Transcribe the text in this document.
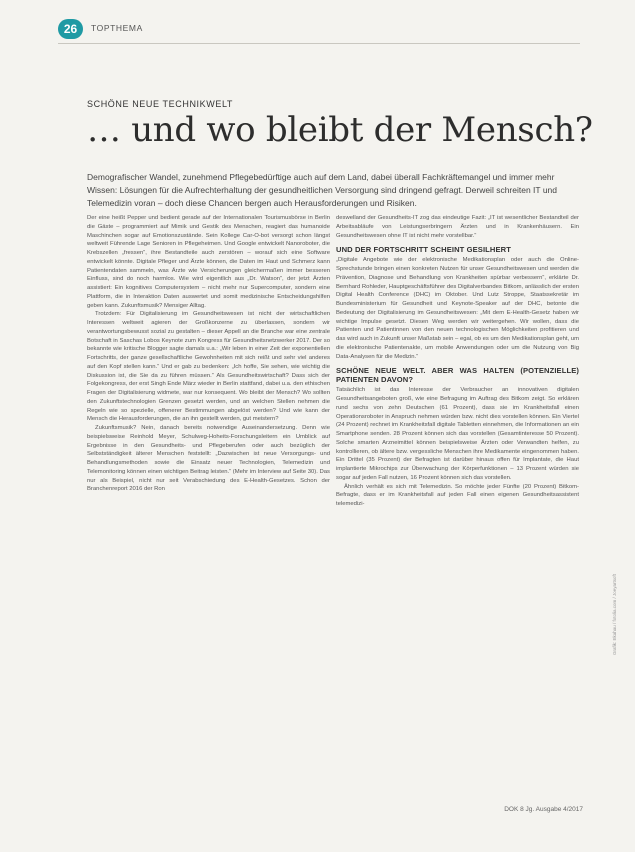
26	TOPTHEMA
SCHÖNE NEUE TECHNIKWELT
… und wo bleibt der Mensch?

Demografischer Wandel, zunehmend Pflegebedürftige auch auf dem Land, dabei überall Fachkräftemangel und immer mehr Wissen: Lösungen für die Aufrechterhaltung der gesundheitlichen Versorgung sind dringend gefragt. Derweil schreiten IT und Telemedizin voran – doch diese Chancen bergen auch Herausforderungen und Risiken.

Der eine heißt Pepper und bedient gerade auf der Internationalen Tourismusbörse in Berlin die Gäste – programmiert auf Mimik und Gestik des Menschen, reagiert das humanoide Maschinchen sogar auf Emotionszustände. Sein Kollege Car-O-bot versorgt schon längst weltweit Führende Lage Senioren in Pflegeheimen. Und Google entwickelt Nanoroboter, die Krebszellen „fressen“, ihre Bestandteile auch zerstören – worauf sich eine Software entwickelt könnte. Digitale Pfleger und Ärzte können, die Daten im Haut und Schmerz kann Patientendaten sammeln, was Ärzte wie Versicherungen gleichermaßen immer besseren Einfluss, sind do noch harmlos. Wie wird eigentlich aus „Dr. Watson“, der jetzt Ärzten assistiert: Ein kognitives Computersystem – nicht mehr nur Supercomputer, sondern eine Plattform, die in Interaktion Daten auswertet und somit medizinische Entscheidungshilfen geben kann. Zukunftsmusik? Mensiger Alltag.

Trotzdem: Für Digitalisierung im Gesundheitswesen ist nicht der wirtschaftlichen Interessen weltweit agieren der Großkonzerne zu überlassen, sondern wir verantwortungsbewusst sozial zu gestalten – dieser Appell an die Branche war eine zentrale Botschaft in Saschas Lobos Keynote zum Kongress für Gesundheitsnetzwerker 2017. Der so bekannte wie kritische Blogger sagte damals u.a.: „Wir leben in einer Zeit der exponentiellen Fortschritts, der ganze gesellschaftliche Gewohnheiten mit sich reißt und sehr viel anderes auf den Kopf stellen kann.“ Und er gab zu bedenken: „Ich hoffe, Sie sehen, wie wichtig die Diskussion ist, die Sie da zu führen müssen.“ Als Gesundheitswirtschaft? Dass sich der Folgekongress, der erst Singh Ende März wieder in Berlin stattfand, dabei u.a. den ethischen Fragen der Digitalisierung widmete, war nur konsequent. Wo bleibt der Mensch? Wo sollten den Zukunftstechnologien Grenzen gesetzt werden, und an welchen Stellen nehmen die Regeln wie so spezielle, offenerer Bestimmungen abgelöst werden? Und wie kann der Mensch die Herausforderungen, die an ihn gestellt werden, gut meistern?

Zukunftsmusik? Nein, danach bereits notwendige Auseinandersetzung. Denn wie beispielsweise Reinhold Meyer, Schulweg-Hoheits-Forschungsleitern ein Umblick auf Ergebnisse in den Gesundheits- und Pflegeberufen oder auch bezüglich der Selbstständigkeit älterer Menschen feststellt: „Dazwischen ist neue Versorgungs- und Behandlungsmethoden sowie die Einsatz neuer Technologien, Telemedizin und Telemonitoring können einen wichtigen Beitrag leisten.“ (Mehr im Interview auf Seite 30). Das nur als Beispiel, nicht nur seit Verabschiedung des E-Health-Gesetzes. Schon der Branchenreport 2016 der Ron

deswelland der Gesundheits-IT zog das eindeutige Fazit: „IT ist wesentlicher Bestandteil der Arbeitsabläufe von Leistungserbringern Ärzten und in Krankenhäusern. Ein Gesundheitswesen ohne IT ist nicht mehr vorstellbar.“

UND DER FORTSCHRITT SCHEINT GESILHERT

„Digitale Angebote wie der elektronische Medikationsplan oder auch die Online-Sprechstunde bringen einen konkreten Nutzen für unser Gesundheitswesen und werden die Prävention, Diagnose und Behandlung von Krankheiten spürbar verbessern“, erklärte Dr. Bernhard Rohleder, Hauptgeschäftsführer des Digitalverbandes Bitkom, anlässlich der ersten Digital Health Conference (DHC) im Oktober. Und Lutz Stroppe, Staatssekretär im Bundesministerium für Gesundheit und Keynote-Speaker auf der DHC, betonte die Bedeutung der Digitalisierung im Gesundheitswesen: „Mit dem E-Health-Gesetz haben wir wichtige Impulse gesetzt. Diesen Weg werden wir weitergehen. Wir wollen, dass die Patienten und Patientinnen von den neuen technologischen Möglichkeiten profitieren und das wird auch in Zukunft unser Maßstab sein – egal, ob es um den Medikationsplan geht, um die elektronische Patientenakte, um mobile Anwendungen oder um die Nutzung von Big Data-Analysen für die Medizin.“

SCHÖNE NEUE WELT. ABER WAS HALTEN (POTENZIELLE) PATIENTEN DAVON?

Tatsächlich ist das Interesse der Verbraucher an innovativen digitalen Gesundheitsangeboten groß, wie eine Befragung im Auftrag des Bitkom zeigt. So erklären rund sechs von zehn Deutschen (61 Prozent), dass sie im Krankheitsfall einen Operationsroboter in Anspruch nehmen würden bzw. nicht dies vorstellen können. Ein Viertel (24 Prozent) rechnet im Krankheitsfall digitale Tabletten einnehmen, die Informationen an ein Smartphone senden. 28 Prozent können sich das vorstellen (Gesamtinteresse 50 Prozent). Solche smarten Arzneimittel können beispielsweise Ärzten oder Verwandten helfen, zu kontrollieren, ob ältere bzw. vergessliche Menschen ihre Medikamente eingenommen haben. Ein Drittel (35 Prozent) der Befragten ist darüber hinaus offen für Implantate, die Haut implantierte Mikrochips zur Überwachung der Körperfunktionen – 13 Prozent würden sie sogar auf jeden Fall nutzen, 16 Prozent können sich das vorstellen.

Ähnlich verhält es sich mit Telemedizin. So möchte jeder Fünfte (20 Prozent) Bitkom-Befragte, dass er im Krankheitsfall auf jeden Fall einen eigenen Gesundheitsassistent telemedizi-

Grafik: Ekahau / fotolia.com / Joeyartsoft
DOK 8 Jg. Ausgabe 4/2017
